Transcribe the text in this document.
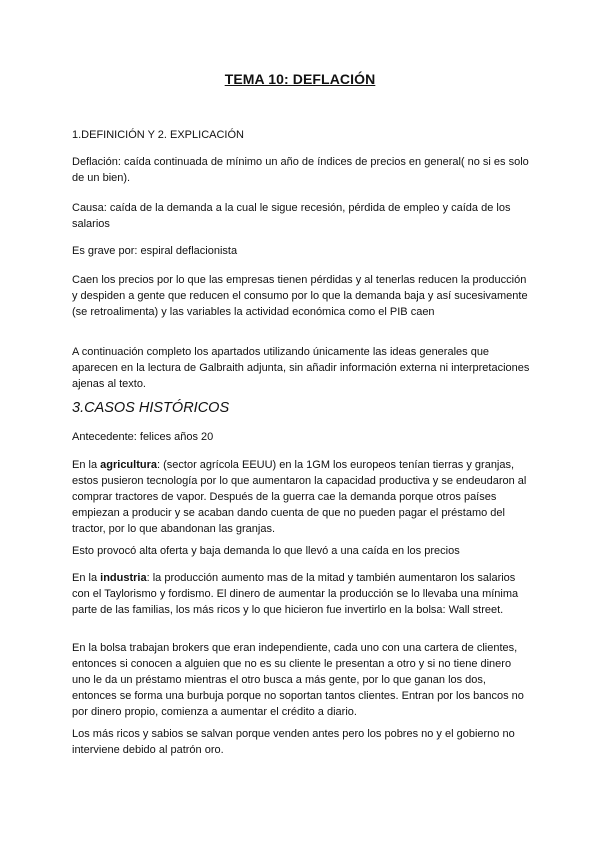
TEMA 10: DEFLACIÓN
1.DEFINICIÓN Y 2. EXPLICACIÓN
Deflación: caída continuada de mínimo un año de índices de precios en general( no si es solo de un bien).
Causa: caída de la demanda a la cual le sigue recesión, pérdida de empleo y caída de los salarios
Es grave por: espiral deflacionista
Caen los precios por lo que las empresas tienen pérdidas y al tenerlas reducen la producción y despiden a gente que reducen el consumo por lo que la demanda baja y así sucesivamente (se retroalimenta) y las variables la actividad económica como el PIB caen
A continuación completo los apartados utilizando únicamente las ideas generales que aparecen en la lectura de Galbraith adjunta, sin añadir información externa ni interpretaciones ajenas al texto.
3.CASOS HISTÓRICOS
Antecedente: felices años 20
En la agricultura: (sector agrícola EEUU) en la 1GM los europeos tenían tierras y granjas, estos pusieron tecnología por lo que aumentaron la capacidad productiva y se endeudaron al comprar tractores de vapor. Después de la guerra cae la demanda porque otros países empiezan a producir y se acaban dando cuenta de que no pueden pagar el préstamo del tractor, por lo que abandonan las granjas.
Esto provocó alta oferta y baja demanda lo que llevó a una caída en los precios
En la industria: la producción aumento mas de la mitad y también aumentaron los salarios con el Taylorismo y fordismo. El dinero de aumentar la producción se lo llevaba una mínima parte de las familias, los más ricos y lo que hicieron fue invertirlo en la bolsa: Wall street.
En la bolsa trabajan brokers que eran independiente, cada uno con una cartera de clientes, entonces si conocen a alguien que no es su cliente le presentan a otro y si no tiene dinero uno le da un préstamo mientras el otro busca a más gente, por lo que ganan los dos, entonces se forma una burbuja porque no soportan tantos clientes. Entran por los bancos no por dinero propio, comienza a aumentar el crédito a diario.
Los más ricos y sabios se salvan porque venden antes pero los pobres no y el gobierno no interviene debido al patrón oro.
